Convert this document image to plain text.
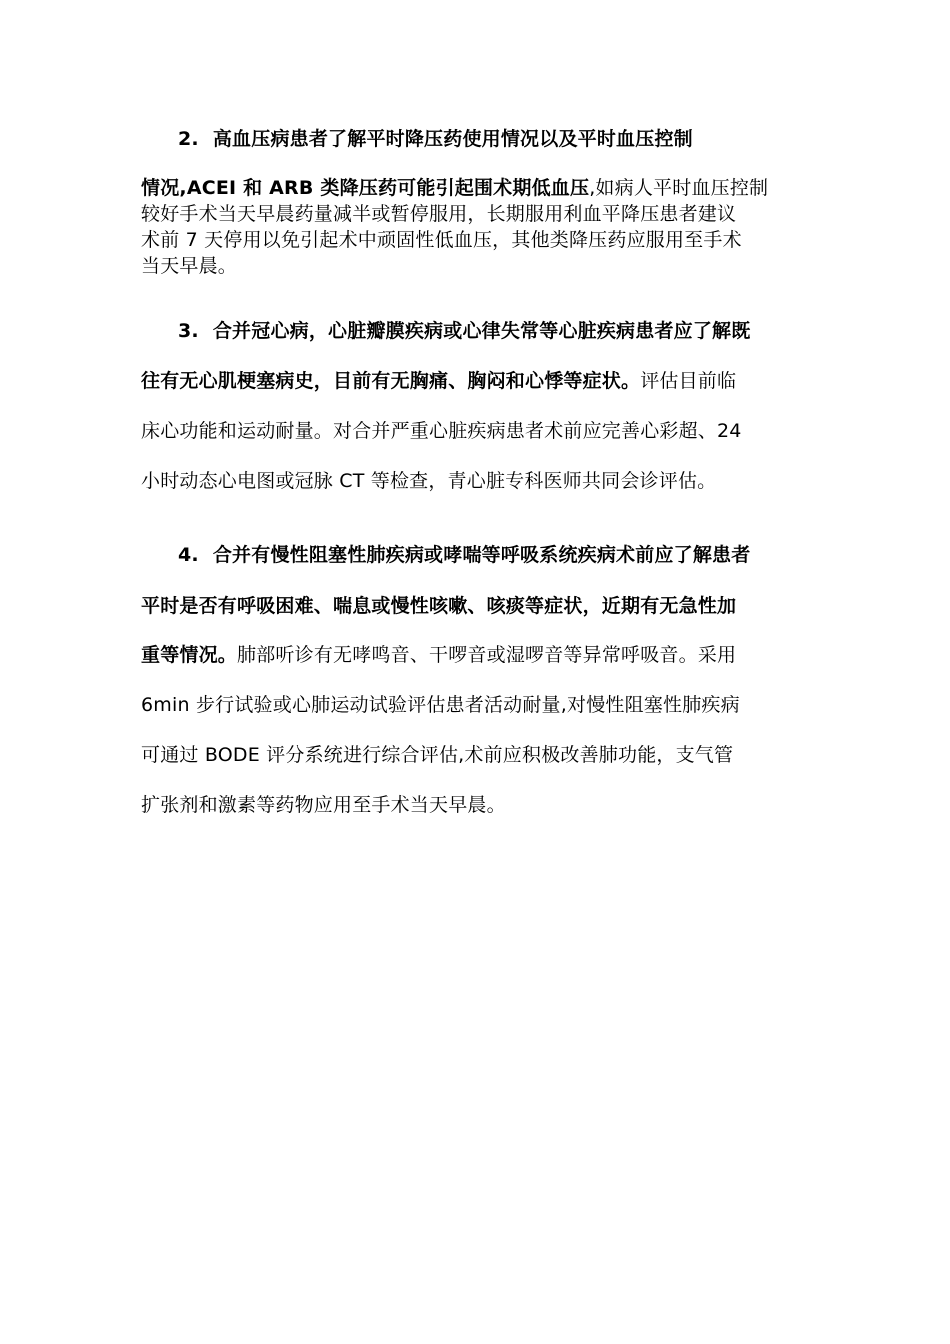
2. 高血压病患者了解平时降压药使用情况以及平时血压控制
情况,ACEI 和 ARB 类降压药可能引起围术期低血压,如病人平时血压控制
较好手术当天早晨药量减半或暂停服用，长期服用利血平降压患者建议
术前 7 天停用以免引起术中顽固性低血压，其他类降压药应服用至手术
当天早晨。
3. 合并冠心病，心脏瓣膜疾病或心律失常等心脏疾病患者应了解既
往有无心肌梗塞病史，目前有无胸痛、胸闷和心悸等症状。评估目前临
床心功能和运动耐量。对合并严重心脏疾病患者术前应完善心彩超、24
小时动态心电图或冠脉 CT 等检查，青心脏专科医师共同会诊评估。
4. 合并有慢性阻塞性肺疾病或哮喘等呼吸系统疾病术前应了解患者
平时是否有呼吸困难、喘息或慢性咳嗽、咳痰等症状，近期有无急性加
重等情况。肺部听诊有无哮鸣音、干啰音或湿啰音等异常呼吸音。采用
6min 步行试验或心肺运动试验评估患者活动耐量,对慢性阻塞性肺疾病
可通过 BODE 评分系统进行综合评估,术前应积极改善肺功能，支气管
扩张剂和激素等药物应用至手术当天早晨。
